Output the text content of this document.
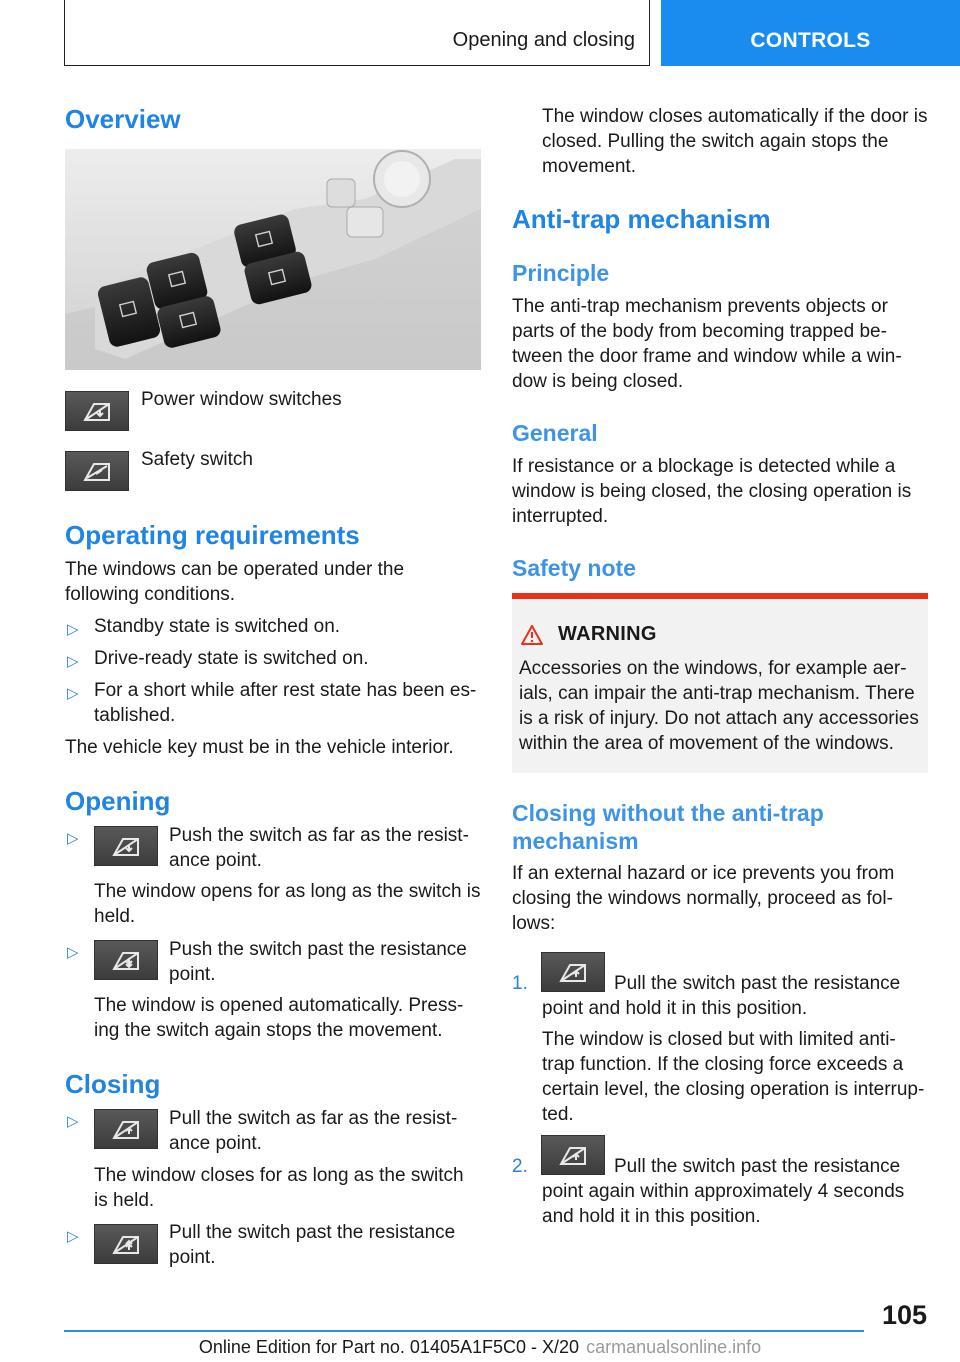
Opening and closing	CONTROLS
Overview
Power window switches
Safety switch
Operating requirements

The windows can be operated under the following conditions.

▷ Standby state is switched on.

▷ Drive-ready state is switched on.

▷ For a short while after rest state has been established.

The vehicle key must be in the vehicle interior.

Opening
▷	Push the switch as far as the resistance point.

The window opens for as long as the switch is held.

▷	Push the switch past the resistance point.

The window is opened automatically. Pressing the switch again stops the movement.

Closing
▷	Pull the switch as far as the resistance point.

The window closes for as long as the switch is held.

▷	Pull the switch past the resistance point.

The window closes automatically if the door is closed. Pulling the switch again stops the movement.

Anti-trap mechanism
Principle

The anti-trap mechanism prevents objects or parts of the body from becoming trapped between the door frame and window while a window is being closed.

General

If resistance or a blockage is detected while a window is being closed, the closing operation is interrupted.

Safety note
WARNING

Accessories on the windows, for example aerials, can impair the anti-trap mechanism. There is a risk of injury. Do not attach any accessories within the area of movement of the windows.

Closing without the anti-trap mechanism

If an external hazard or ice prevents you from closing the windows normally, proceed as follows:

1.	Pull the switch past the resistance point and hold it in this position.

The window is closed but with limited anti-trap function. If the closing force exceeds a certain level, the closing operation is interrupted.

2.	Pull the switch past the resistance point again within approximately 4 seconds and hold it in this position.

105
Online Edition for Part no. 01405A1F5C0 - X/20 carmanualsonline.info
